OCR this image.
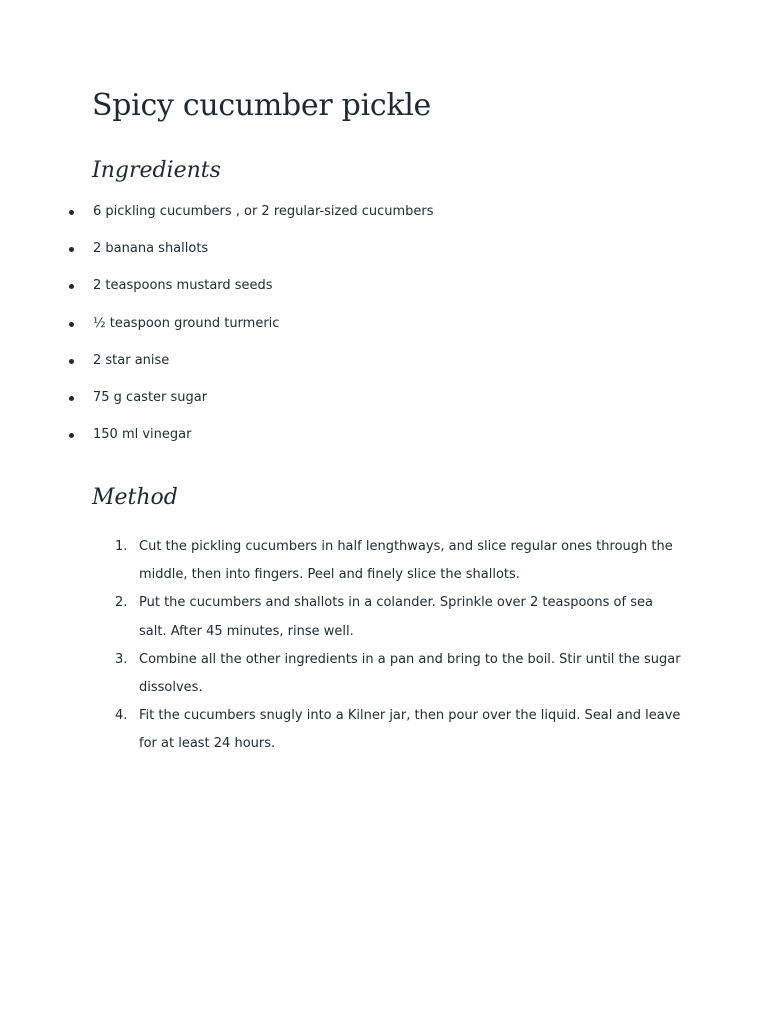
Spicy cucumber pickle
Ingredients
6 pickling cucumbers , or 2 regular-sized cucumbers
2 banana shallots
2 teaspoons mustard seeds
½ teaspoon ground turmeric
2 star anise
75 g caster sugar
150 ml vinegar
Method
1. Cut the pickling cucumbers in half lengthways, and slice regular ones through the middle, then into fingers. Peel and finely slice the shallots.
2. Put the cucumbers and shallots in a colander. Sprinkle over 2 teaspoons of sea salt. After 45 minutes, rinse well.
3. Combine all the other ingredients in a pan and bring to the boil. Stir until the sugar dissolves.
4. Fit the cucumbers snugly into a Kilner jar, then pour over the liquid. Seal and leave for at least 24 hours.
